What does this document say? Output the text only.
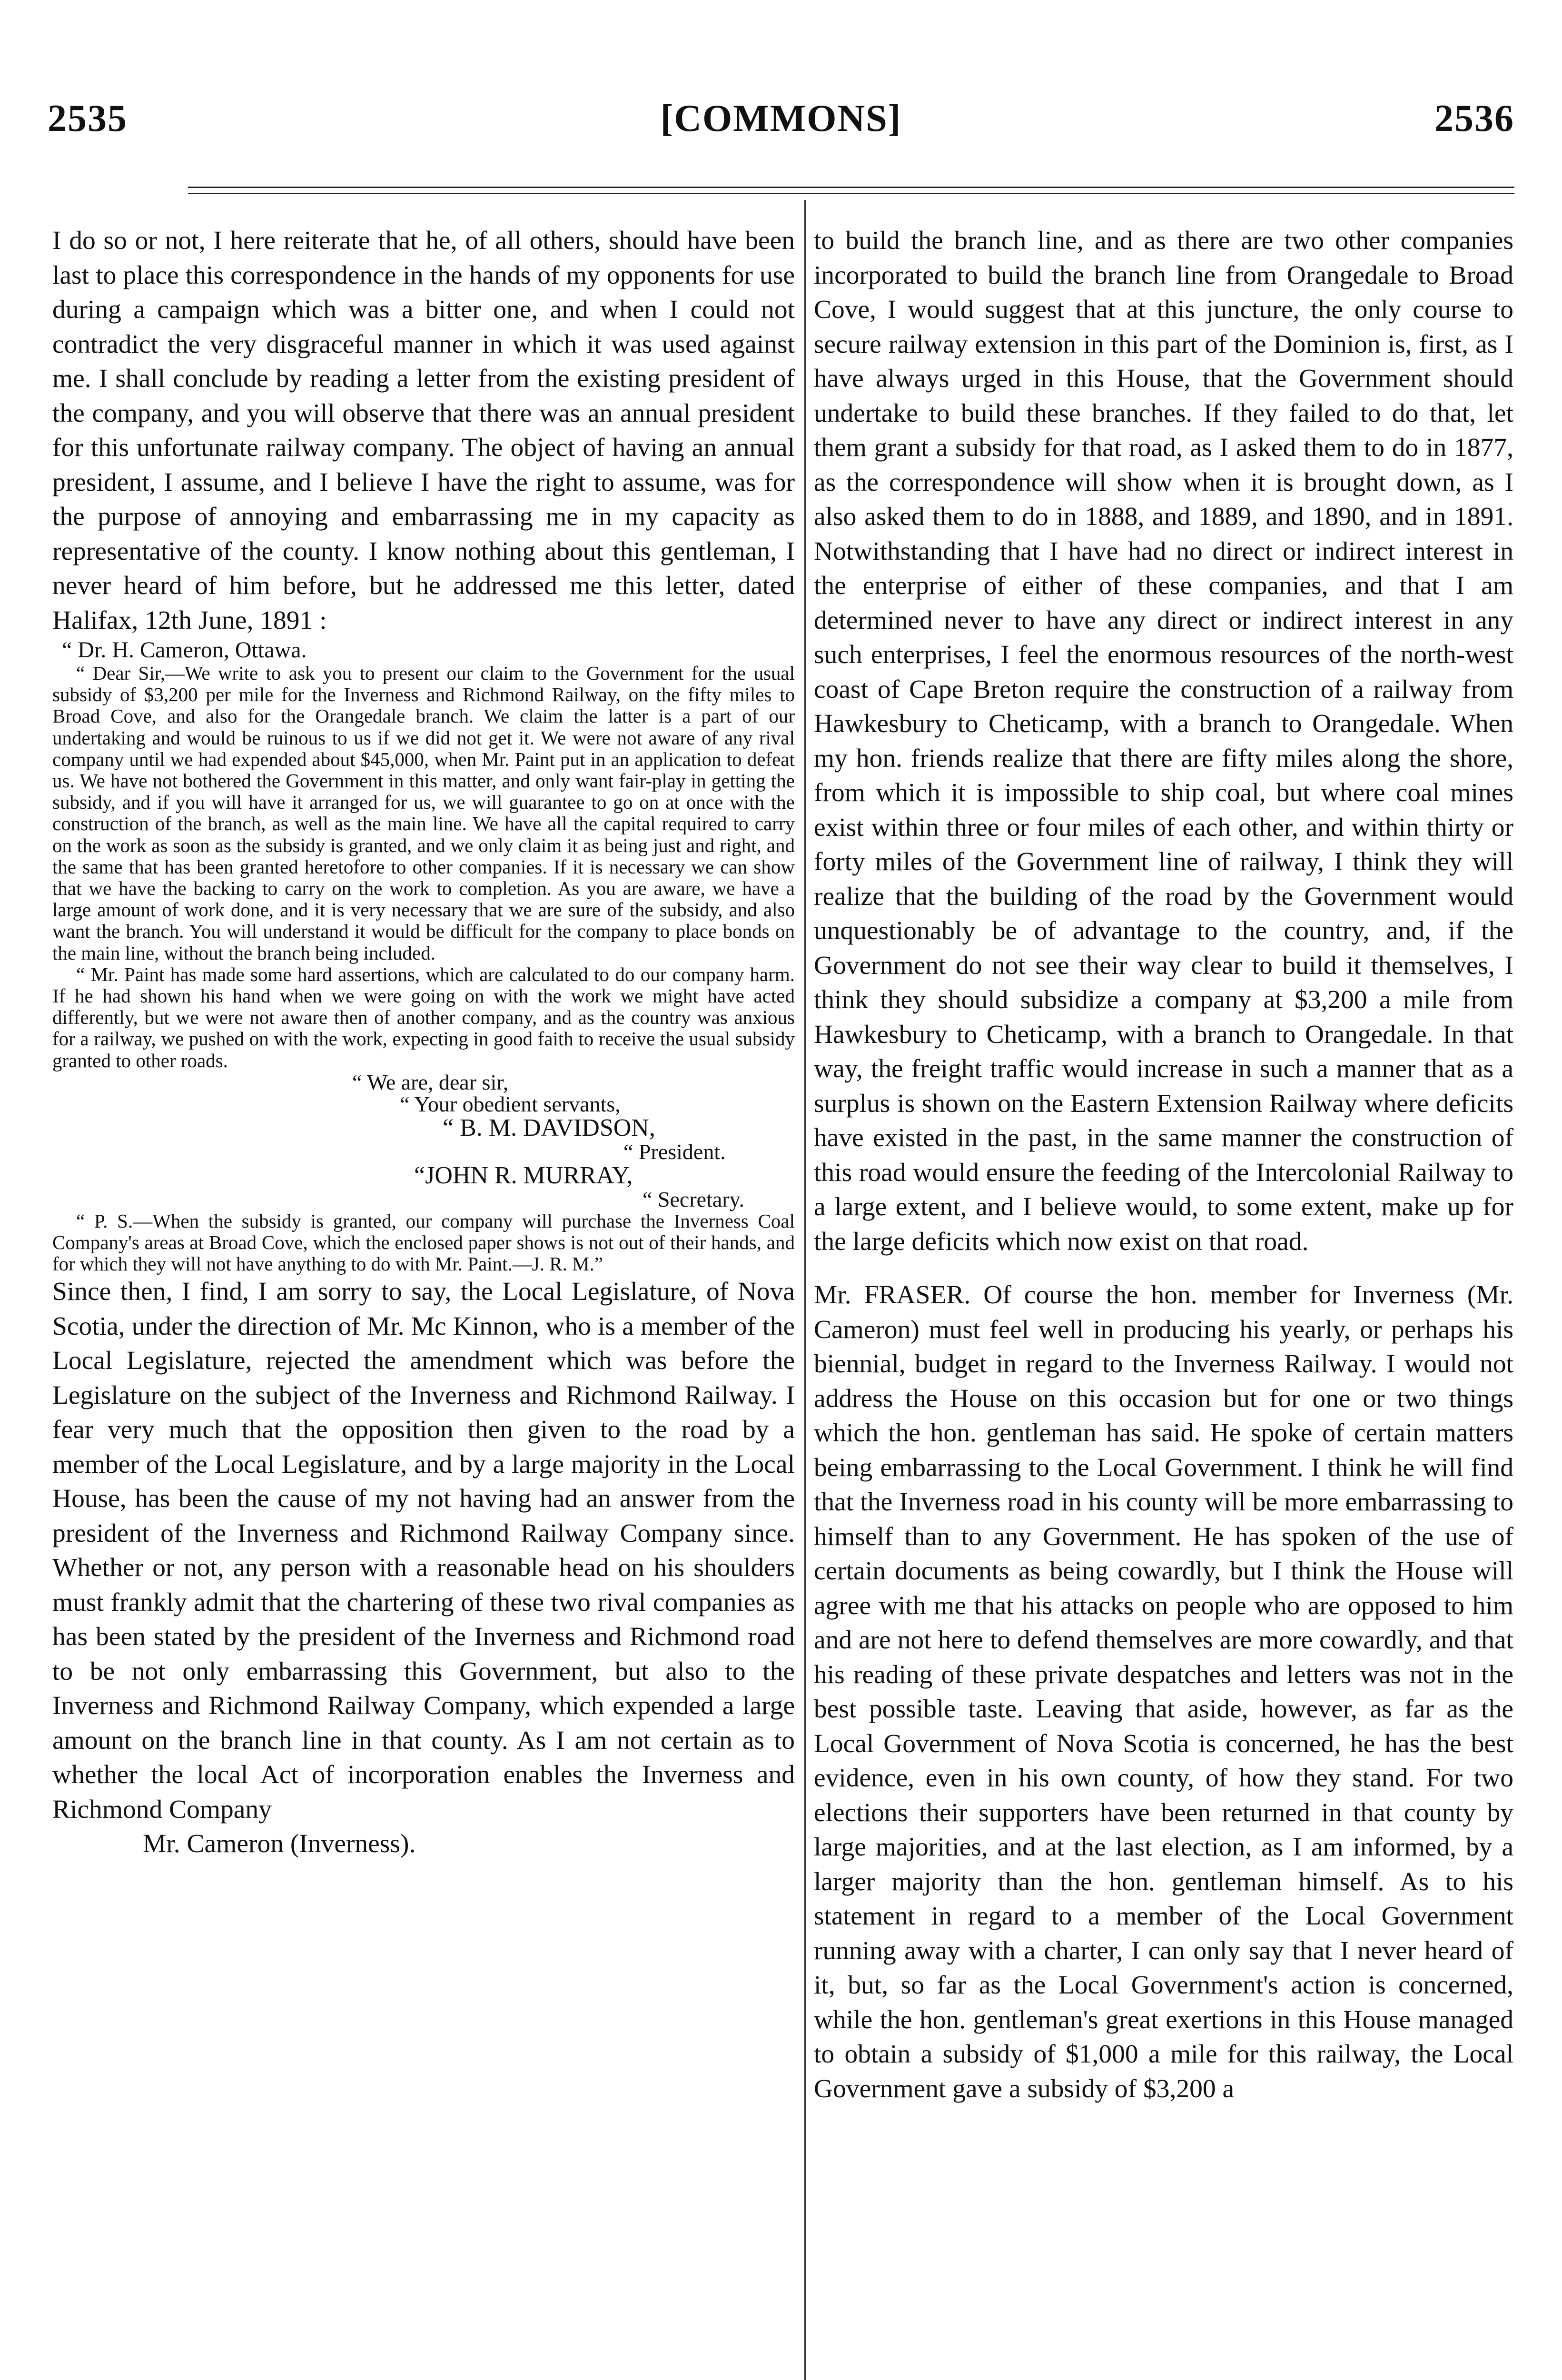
2535	[COMMONS]	2536

I do so or not, I here reiterate that he, of all others, should have been last to place this correspondence in the hands of my opponents for use during a campaign which was a bitter one, and when I could not contradict the very disgraceful manner in which it was used against me. I shall conclude by reading a letter from the existing president of the company, and you will observe that there was an annual president for this unfortunate railway company. The object of having an annual president, I assume, and I believe I have the right to assume, was for the purpose of annoying and embarrassing me in my capacity as representative of the county. I know nothing about this gentleman, I never heard of him before, but he addressed me this letter, dated Halifax, 12th June, 1891 :

“ Dr. H. Cameron, Ottawa.

“ Dear Sir,—We write to ask you to present our claim to the Government for the usual subsidy of $3,200 per mile for the Inverness and Richmond Railway, on the fifty miles to Broad Cove, and also for the Orangedale branch. We claim the latter is a part of our undertaking and would be ruinous to us if we did not get it. We were not aware of any rival company until we had expended about $45,000, when Mr. Paint put in an application to defeat us. We have not bothered the Government in this matter, and only want fair-play in getting the subsidy, and if you will have it arranged for us, we will guarantee to go on at once with the construction of the branch, as well as the main line. We have all the capital required to carry on the work as soon as the subsidy is granted, and we only claim it as being just and right, and the same that has been granted heretofore to other companies. If it is necessary we can show that we have the backing to carry on the work to completion. As you are aware, we have a large amount of work done, and it is very necessary that we are sure of the subsidy, and also want the branch. You will understand it would be difficult for the company to place bonds on the main line, without the branch being included.

“ Mr. Paint has made some hard assertions, which are calculated to do our company harm. If he had shown his hand when we were going on with the work we might have acted differently, but we were not aware then of another company, and as the country was anxious for a railway, we pushed on with the work, expecting in good faith to receive the usual subsidy granted to other roads.

“ We are, dear sir,
“ Your obedient servants,
“ B. M. DAVIDSON,
“ President.
“JOHN R. MURRAY,
“ Secretary.

“ P. S.—When the subsidy is granted, our company will purchase the Inverness Coal Company's areas at Broad Cove, which the enclosed paper shows is not out of their hands, and for which they will not have anything to do with Mr. Paint.—J. R. M.”

Since then, I find, I am sorry to say, the Local Legislature, of Nova Scotia, under the direction of Mr. Mc Kinnon, who is a member of the Local Legislature, rejected the amendment which was before the Legislature on the subject of the Inverness and Richmond Railway. I fear very much that the opposition then given to the road by a member of the Local Legislature, and by a large majority in the Local House, has been the cause of my not having had an answer from the president of the Inverness and Richmond Railway Company since. Whether or not, any person with a reasonable head on his shoulders must frankly admit that the chartering of these two rival companies as has been stated by the president of the Inverness and Richmond road to be not only embarrassing this Government, but also to the Inverness and Richmond Railway Company, which expended a large amount on the branch line in that county. As I am not certain as to whether the local Act of incorporation enables the Inverness and Richmond Company

Mr. Cameron (Inverness).

to build the branch line, and as there are two other companies incorporated to build the branch line from Orangedale to Broad Cove, I would suggest that at this juncture, the only course to secure railway extension in this part of the Dominion is, first, as I have always urged in this House, that the Government should undertake to build these branches. If they failed to do that, let them grant a subsidy for that road, as I asked them to do in 1877, as the correspondence will show when it is brought down, as I also asked them to do in 1888, and 1889, and 1890, and in 1891. Notwithstanding that I have had no direct or indirect interest in the enterprise of either of these companies, and that I am determined never to have any direct or indirect interest in any such enterprises, I feel the enormous resources of the north-west coast of Cape Breton require the construction of a railway from Hawkesbury to Cheticamp, with a branch to Orangedale. When my hon. friends realize that there are fifty miles along the shore, from which it is impossible to ship coal, but where coal mines exist within three or four miles of each other, and within thirty or forty miles of the Government line of railway, I think they will realize that the building of the road by the Government would unquestionably be of advantage to the country, and, if the Government do not see their way clear to build it themselves, I think they should subsidize a company at $3,200 a mile from Hawkesbury to Cheticamp, with a branch to Orangedale. In that way, the freight traffic would increase in such a manner that as a surplus is shown on the Eastern Extension Railway where deficits have existed in the past, in the same manner the construction of this road would ensure the feeding of the Intercolonial Railway to a large extent, and I believe would, to some extent, make up for the large deficits which now exist on that road.

Mr. FRASER. Of course the hon. member for Inverness (Mr. Cameron) must feel well in producing his yearly, or perhaps his biennial, budget in regard to the Inverness Railway. I would not address the House on this occasion but for one or two things which the hon. gentleman has said. He spoke of certain matters being embarrassing to the Local Government. I think he will find that the Inverness road in his county will be more embarrassing to himself than to any Government. He has spoken of the use of certain documents as being cowardly, but I think the House will agree with me that his attacks on people who are opposed to him and are not here to defend themselves are more cowardly, and that his reading of these private despatches and letters was not in the best possible taste. Leaving that aside, however, as far as the Local Government of Nova Scotia is concerned, he has the best evidence, even in his own county, of how they stand. For two elections their supporters have been returned in that county by large majorities, and at the last election, as I am informed, by a larger majority than the hon. gentleman himself. As to his statement in regard to a member of the Local Government running away with a charter, I can only say that I never heard of it, but, so far as the Local Government's action is concerned, while the hon. gentleman's great exertions in this House managed to obtain a subsidy of $1,000 a mile for this railway, the Local Government gave a subsidy of $3,200 a
